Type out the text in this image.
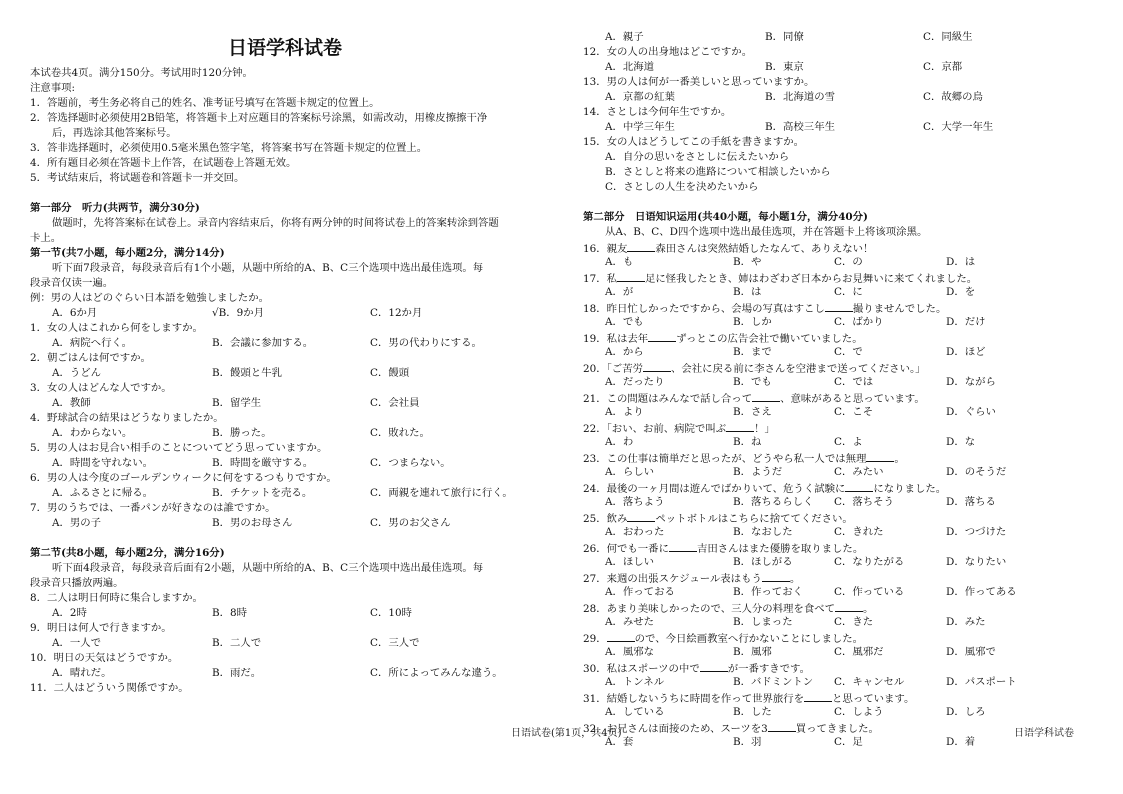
日语学科试卷
本试卷共4页。满分150分。考试用时120分钟。
注意事项:
1．答题前，考生务必将自己的姓名、准考证号填写在答题卡规定的位置上。
2．答选择题时必须使用2B铅笔，将答题卡上对应题目的答案标号涂黑，如需改动，用橡皮擦擦干净
后，再选涂其他答案标号。
3．答非选择题时，必须使用0.5毫米黑色签字笔，将答案书写在答题卡规定的位置上。
4．所有题目必须在答题卡上作答，在试题卷上答题无效。
5．考试结束后，将试题卷和答题卡一并交回。
第一部分　听力(共两节，满分30分)
做题时，先将答案标在试卷上。录音内容结束后，你将有两分钟的时间将试卷上的答案转涂到答题
卡上。
第一节(共7小题，每小题2分，满分14分)
听下面7段录音，每段录音后有1个小题，从题中所给的A、B、C三个选项中选出最佳选项。每
段录音仅读一遍。
例：男の人はどのぐらい日本語を勉強しましたか。
A．6か月	√B．9か月	C．12か月
1．女の人はこれから何をしますか。
A．病院へ行く。	B．会議に参加する。	C．男の代わりにする。
2．朝ごはんは何ですか。
A．うどん	B．饅頭と牛乳	C．饅頭
3．女の人はどんな人ですか。
A．教師	B．留学生	C．会社員
4．野球試合の結果はどうなりましたか。
A．わからない。	B．勝った。	C．敗れた。
5．男の人はお見合い相手のことについてどう思っていますか。
A．時間を守れない。	B．時間を厳守する。	C．つまらない。
6．男の人は今度のゴールデンウィークに何をするつもりですか。
A．ふるさとに帰る。	B．チケットを売る。	C．両親を連れて旅行に行く。
7．男のうちでは、一番パンが好きなのは誰ですか。
A．男の子	B．男のお母さん	C．男のお父さん
第二节(共8小题，每小题2分，满分16分)
听下面4段录音，每段录音后面有2小题，从题中所给的A、B、C三个选项中选出最佳选项。每
段录音只播放两遍。
8．二人は明日何時に集合しますか。
A．2時	B．8時	C．10時
9．明日は何人で行きますか。
A．一人で	B．二人で	C．三人で
10．明日の天気はどうですか。
A．晴れだ。	B．雨だ。	C．所によってみんな違う。
11．二人はどういう関係ですか。
A．親子	B．同僚	C．同級生
12．女の人の出身地はどこですか。
A．北海道	B．東京	C．京都
13．男の人は何が一番美しいと思っていますか。
A．京都の紅葉	B．北海道の雪	C．故郷の烏
14．さとしは今何年生ですか。
A．中学三年生	B．高校三年生	C．大学一年生
15．女の人はどうしてこの手紙を書きますか。
A．自分の思いをさとしに伝えたいから
B．さとしと将来の進路について相談したいから
C．さとしの人生を決めたいから
第二部分　日语知识运用(共40小题，每小题1分，满分40分)
从A、B、C、D四个选项中选出最佳选项，并在答题卡上将该项涂黑。
16．親友	森田さんは突然結婚したなんて、ありえない！
A．も	B．や	C．の	D．は
17．私	足に怪我したとき、姉はわざわざ日本からお見舞いに来てくれました。
A．が	B．は	C．に	D．を
18．昨日忙しかったですから、会場の写真はすこし	撮りませんでした。
A．でも	B．しか	C．ばかり	D．だけ
19．私は去年	ずっとこの広告会社で働いていました。
A．から	B．まで	C．で	D．ほど
20．「ご苦労	、会社に戻る前に李さんを空港まで送ってください。」
A．だったり	B．でも	C．では	D．ながら
21．この問題はみんなで話し合って	、意味があると思っています。
A．より	B．さえ	C．こそ	D．ぐらい
22．「おい、お前、病院で叫ぶ	！」
A．わ	B．ね	C．よ	D．な
23．この仕事は簡単だと思ったが、どうやら私一人では無理	。
A．らしい	B．ようだ	C．みたい	D．のそうだ
24．最後の一ヶ月間は遊んでばかりいて、危うく試験に	になりました。
A．落ちよう	B．落ちるらしく C．落ちそう	D．落ちる
25．飲み	ペットボトルはこちらに捨ててください。
A．おわった	B．なおした	C．きれた	D．つづけた
26．何でも一番に	吉田さんはまた優勝を取りました。
A．ほしい	B．ほしがる	C．なりたがる	D．なりたい
27．来週の出張スケジュール表はもう	。
A．作っておる	B．作っておく	C．作っている	D．作ってある
28．あまり美味しかったので、三人分の料理を食べて	。
A．みせた	B．しまった	C．きた	D．みた
29．	ので、今日絵画教室へ行かないことにしました。
A．風邪な	B．風邪	C．風邪だ	D．風邪で
30．私はスポーツの中で	が一番すきです。
A．トンネル	B．バドミントン C．キャンセル	D．パスポート
31．結婚しないうちに時間を作って世界旅行を	と思っています。
A．している	B．した	C．しよう	D．しろ
32．お兄さんは面接のため、スーツを3	買ってきました。
A．套	B．羽	C．足	D．着
日语试卷(第1页，共4页)	日语学科试卷
